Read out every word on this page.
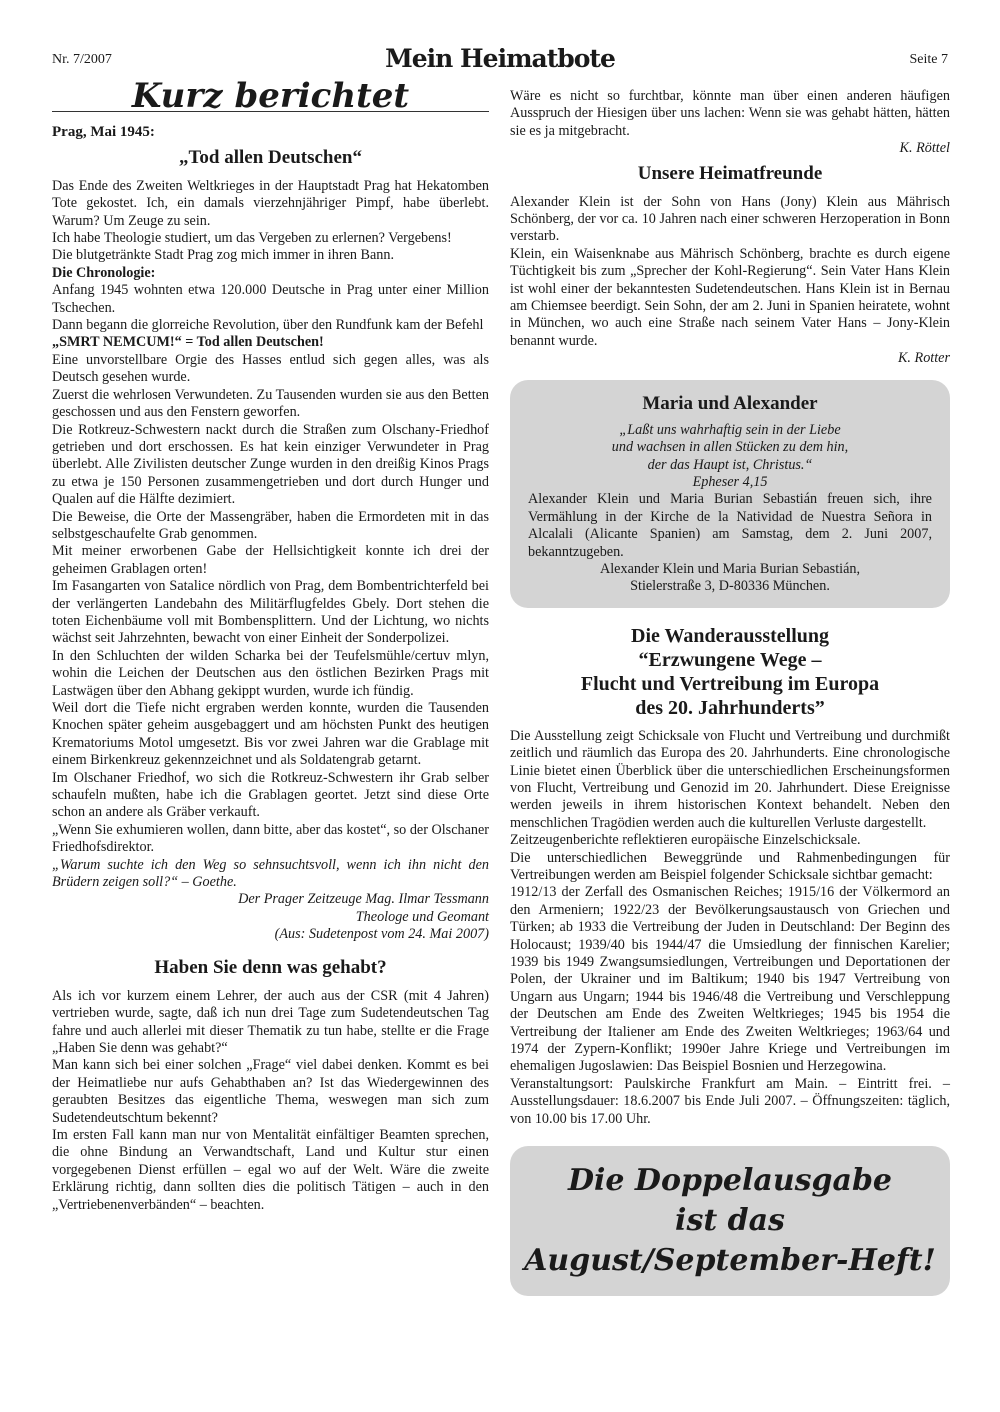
Nr. 7/2007	Mein Heimatbote	Seite 7
Kurz berichtet

Prag, Mai 1945:

„Tod allen Deutschen“

Das Ende des Zweiten Weltkrieges in der Hauptstadt Prag hat Hekatomben Tote gekostet. Ich, ein damals vierzehnjähriger Pimpf, habe überlebt. Warum? Um Zeuge zu sein.

Ich habe Theologie studiert, um das Vergeben zu erlernen? Vergebens!

Die blutgetränkte Stadt Prag zog mich immer in ihren Bann.

Die Chronologie:

Anfang 1945 wohnten etwa 120.000 Deutsche in Prag unter einer Million Tschechen.

Dann begann die glorreiche Revolution, über den Rundfunk kam der Befehl

„SMRT NEMCUM!“ = Tod allen Deutschen!

Eine unvorstellbare Orgie des Hasses entlud sich gegen alles, was als Deutsch gesehen wurde.

Zuerst die wehrlosen Verwundeten. Zu Tausenden wurden sie aus den Betten geschossen und aus den Fenstern geworfen.

Die Rotkreuz-Schwestern nackt durch die Straßen zum Olschany-Friedhof getrieben und dort erschossen. Es hat kein einziger Verwundeter in Prag überlebt. Alle Zivilisten deutscher Zunge wurden in den dreißig Kinos Prags zu etwa je 150 Personen zusammengetrieben und dort durch Hunger und Qualen auf die Hälfte dezimiert.

Die Beweise, die Orte der Massengräber, haben die Ermordeten mit in das selbstgeschaufelte Grab genommen.

Mit meiner erworbenen Gabe der Hellsichtigkeit konnte ich drei der geheimen Grablagen orten!

Im Fasangarten von Satalice nördlich von Prag, dem Bombentrichterfeld bei der verlängerten Landebahn des Militärflugfeldes Gbely. Dort stehen die toten Eichenbäume voll mit Bombensplittern. Und der Lichtung, wo nichts wächst seit Jahrzehnten, bewacht von einer Einheit der Sonderpolizei.

In den Schluchten der wilden Scharka bei der Teufelsmühle/certuv mlyn, wohin die Leichen der Deutschen aus den östlichen Bezirken Prags mit Lastwägen über den Abhang gekippt wurden, wurde ich fündig.

Weil dort die Tiefe nicht ergraben werden konnte, wurden die Tausenden Knochen später geheim ausgebaggert und am höchsten Punkt des heutigen Krematoriums Motol umgesetzt. Bis vor zwei Jahren war die Grablage mit einem Birkenkreuz gekennzeichnet und als Soldatengrab getarnt.

Im Olschaner Friedhof, wo sich die Rotkreuz-Schwestern ihr Grab selber schaufeln mußten, habe ich die Grablagen geortet. Jetzt sind diese Orte schon an andere als Gräber verkauft.

„Wenn Sie exhumieren wollen, dann bitte, aber das kostet“, so der Olschaner Friedhofsdirektor.

„Warum suchte ich den Weg so sehnsuchtsvoll, wenn ich ihn nicht den Brüdern zeigen soll?“ – Goethe.

Der Prager Zeitzeuge Mag. Ilmar Tessmann

Theologe und Geomant

(Aus: Sudetenpost vom 24. Mai 2007)

Haben Sie denn was gehabt?

Als ich vor kurzem einem Lehrer, der auch aus der CSR (mit 4 Jahren) vertrieben wurde, sagte, daß ich nun drei Tage zum Sudetendeutschen Tag fahre und auch allerlei mit dieser Thematik zu tun habe, stellte er die Frage „Haben Sie denn was gehabt?“

Man kann sich bei einer solchen „Frage“ viel dabei denken. Kommt es bei der Heimatliebe nur aufs Gehabthaben an? Ist das Wiedergewinnen des geraubten Besitzes das eigentliche Thema, weswegen man sich zum Sudetendeutschtum bekennt?

Im ersten Fall kann man nur von Mentalität einfältiger Beamten sprechen, die ohne Bindung an Verwandtschaft, Land und Kultur stur einen vorgegebenen Dienst erfüllen – egal wo auf der Welt. Wäre die zweite Erklärung richtig, dann sollten dies die politisch Tätigen – auch in den „Vertriebenenverbänden“ – beachten.

Wäre es nicht so furchtbar, könnte man über einen anderen häufigen Ausspruch der Hiesigen über uns lachen: Wenn sie was gehabt hätten, hätten sie es ja mitgebracht.

K. Röttel

Unsere Heimatfreunde

Alexander Klein ist der Sohn von Hans (Jony) Klein aus Mährisch Schönberg, der vor ca. 10 Jahren nach einer schweren Herzoperation in Bonn verstarb.

Klein, ein Waisenknabe aus Mährisch Schönberg, brachte es durch eigene Tüchtigkeit bis zum „Sprecher der Kohl-Regierung“. Sein Vater Hans Klein ist wohl einer der bekanntesten Sudetendeutschen. Hans Klein ist in Bernau am Chiemsee beerdigt. Sein Sohn, der am 2. Juni in Spanien heiratete, wohnt in München, wo auch eine Straße nach seinem Vater Hans – Jony-Klein benannt wurde.

K. Rotter

Maria und Alexander
„Laßt uns wahrhaftig sein in der Liebe
und wachsen in allen Stücken zu dem hin,
der das Haupt ist, Christus.“
Epheser 4,15

Alexander Klein und Maria Burian Sebastián freuen sich, ihre Vermählung in der Kirche de la Natividad de Nuestra Señora in Alcalali (Alicante Spanien) am Samstag, dem 2. Juni 2007, bekanntzugeben.

Alexander Klein und Maria Burian Sebastián,
Stielerstraße 3, D-80336 München.
Die Wanderausstellung
“Erzwungene Wege –
Flucht und Vertreibung im Europa
des 20. Jahrhunderts”

Die Ausstellung zeigt Schicksale von Flucht und Vertreibung und durchmißt zeitlich und räumlich das Europa des 20. Jahrhunderts. Eine chronologische Linie bietet einen Überblick über die unterschiedlichen Erscheinungsformen von Flucht, Vertreibung und Genozid im 20. Jahrhundert. Diese Ereignisse werden jeweils in ihrem historischen Kontext behandelt. Neben den menschlichen Tragödien werden auch die kulturellen Verluste dargestellt.

Zeitzeugenberichte reflektieren europäische Einzelschicksale.

Die unterschiedlichen Beweggründe und Rahmenbedingungen für Vertreibungen werden am Beispiel folgender Schicksale sichtbar gemacht:

1912/13 der Zerfall des Osmanischen Reiches; 1915/16 der Völkermord an den Armeniern; 1922/23 der Bevölkerungsaustausch von Griechen und Türken; ab 1933 die Vertreibung der Juden in Deutschland: Der Beginn des Holocaust; 1939/40 bis 1944/47 die Umsiedlung der finnischen Karelier; 1939 bis 1949 Zwangsumsiedlungen, Vertreibungen und Deportationen der Polen, der Ukrainer und im Baltikum; 1940 bis 1947 Vertreibung von Ungarn aus Ungarn; 1944 bis 1946/48 die Vertreibung und Verschleppung der Deutschen am Ende des Zweiten Weltkrieges; 1945 bis 1954 die Vertreibung der Italiener am Ende des Zweiten Weltkrieges; 1963/64 und 1974 der Zypern-Konflikt; 1990er Jahre Kriege und Vertreibungen im ehemaligen Jugoslawien: Das Beispiel Bosnien und Herzegowina.

Veranstaltungsort: Paulskirche Frankfurt am Main. – Eintritt frei. – Ausstellungsdauer: 18.6.2007 bis Ende Juli 2007. – Öffnungszeiten: täglich, von 10.00 bis 17.00 Uhr.

Die Doppelausgabe
ist das
August/September-Heft!
